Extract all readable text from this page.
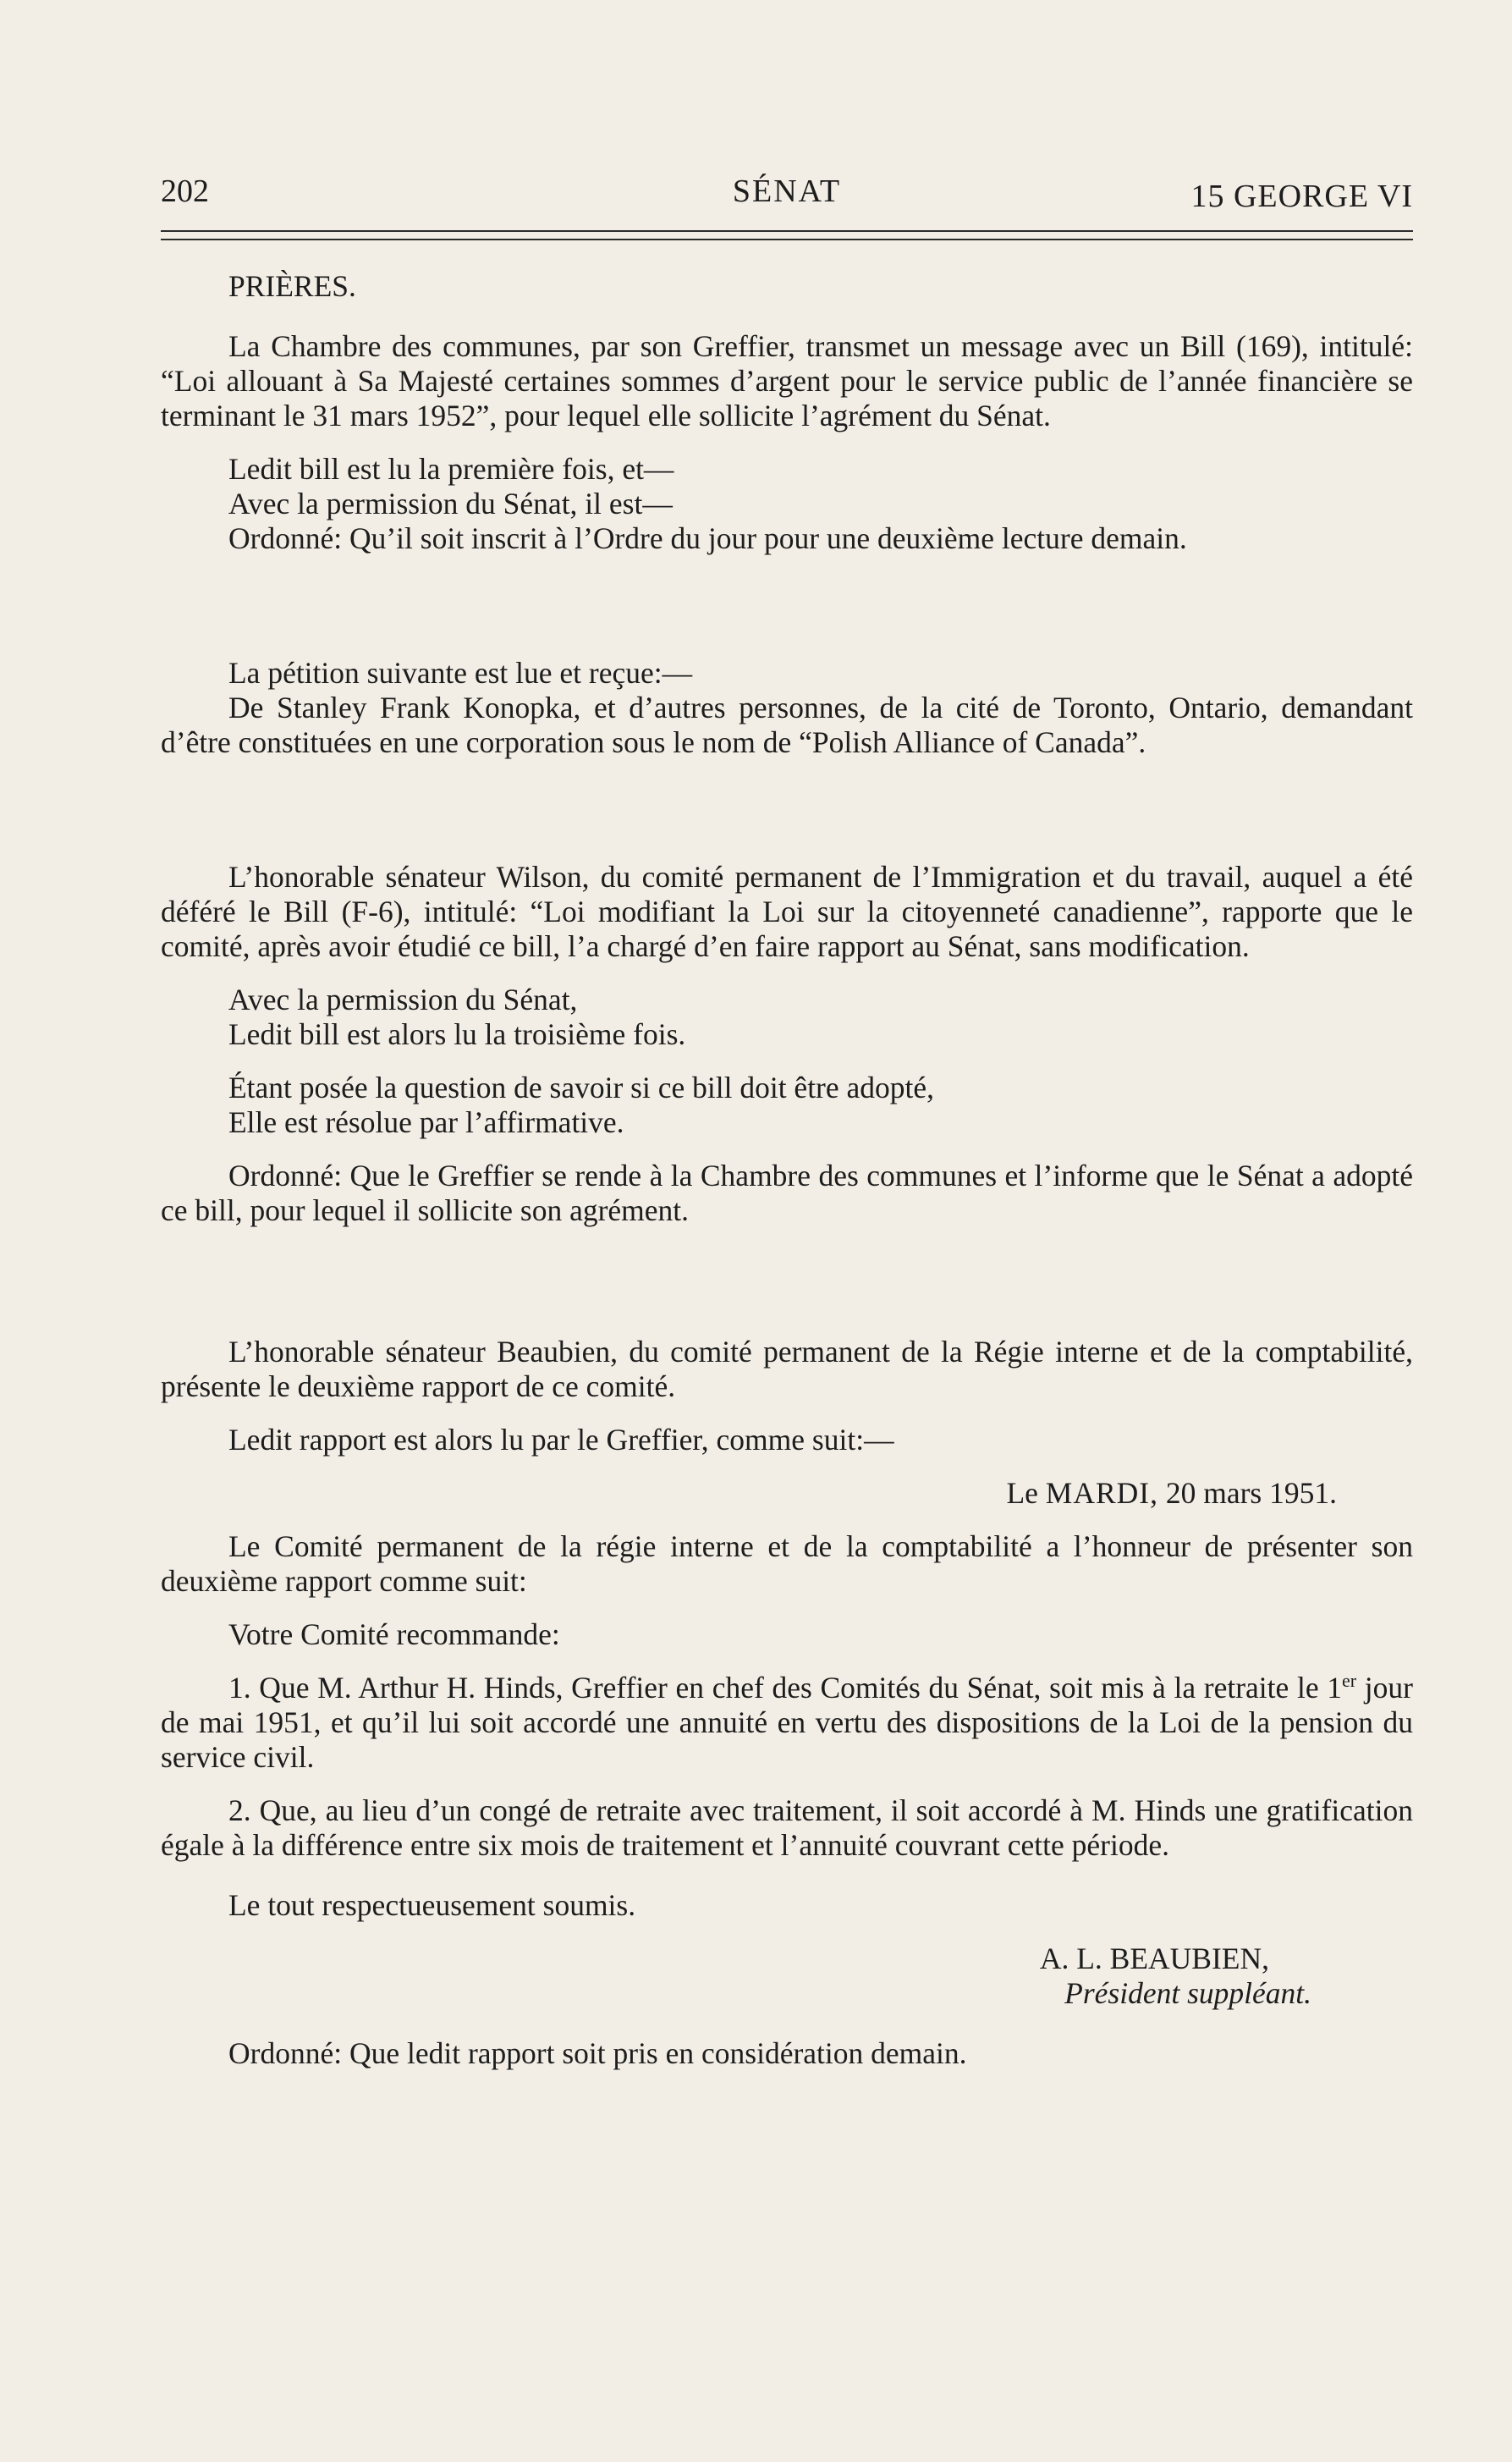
202	SÉNAT	15 GEORGE VI

PRIÈRES.

La Chambre des communes, par son Greffier, transmet un message avec un Bill (169), intitulé: “Loi allouant à Sa Majesté certaines sommes d’argent pour le service public de l’année financière se terminant le 31 mars 1952”, pour lequel elle sollicite l’agrément du Sénat.

Ledit bill est lu la première fois, et—

Avec la permission du Sénat, il est—

Ordonné: Qu’il soit inscrit à l’Ordre du jour pour une deuxième lecture demain.

La pétition suivante est lue et reçue:—

De Stanley Frank Konopka, et d’autres personnes, de la cité de Toronto, Ontario, demandant d’être constituées en une corporation sous le nom de “Polish Alliance of Canada”.

L’honorable sénateur Wilson, du comité permanent de l’Immigration et du travail, auquel a été déféré le Bill (F-6), intitulé: “Loi modifiant la Loi sur la citoyenneté canadienne”, rapporte que le comité, après avoir étudié ce bill, l’a chargé d’en faire rapport au Sénat, sans modification.

Avec la permission du Sénat,

Ledit bill est alors lu la troisième fois.

Étant posée la question de savoir si ce bill doit être adopté,

Elle est résolue par l’affirmative.

Ordonné: Que le Greffier se rende à la Chambre des communes et l’informe que le Sénat a adopté ce bill, pour lequel il sollicite son agrément.

L’honorable sénateur Beaubien, du comité permanent de la Régie interne et de la comptabilité, présente le deuxième rapport de ce comité.

Ledit rapport est alors lu par le Greffier, comme suit:—

Le MARDI, 20 mars 1951.

Le Comité permanent de la régie interne et de la comptabilité a l’honneur de présenter son deuxième rapport comme suit:

Votre Comité recommande:

1. Que M. Arthur H. Hinds, Greffier en chef des Comités du Sénat, soit mis à la retraite le 1er jour de mai 1951, et qu’il lui soit accordé une annuité en vertu des dispositions de la Loi de la pension du service civil.

2. Que, au lieu d’un congé de retraite avec traitement, il soit accordé à M. Hinds une gratification égale à la différence entre six mois de traitement et l’annuité couvrant cette période.

Le tout respectueusement soumis.

A. L. BEAUBIEN,

Président suppléant.

Ordonné: Que ledit rapport soit pris en considération demain.
